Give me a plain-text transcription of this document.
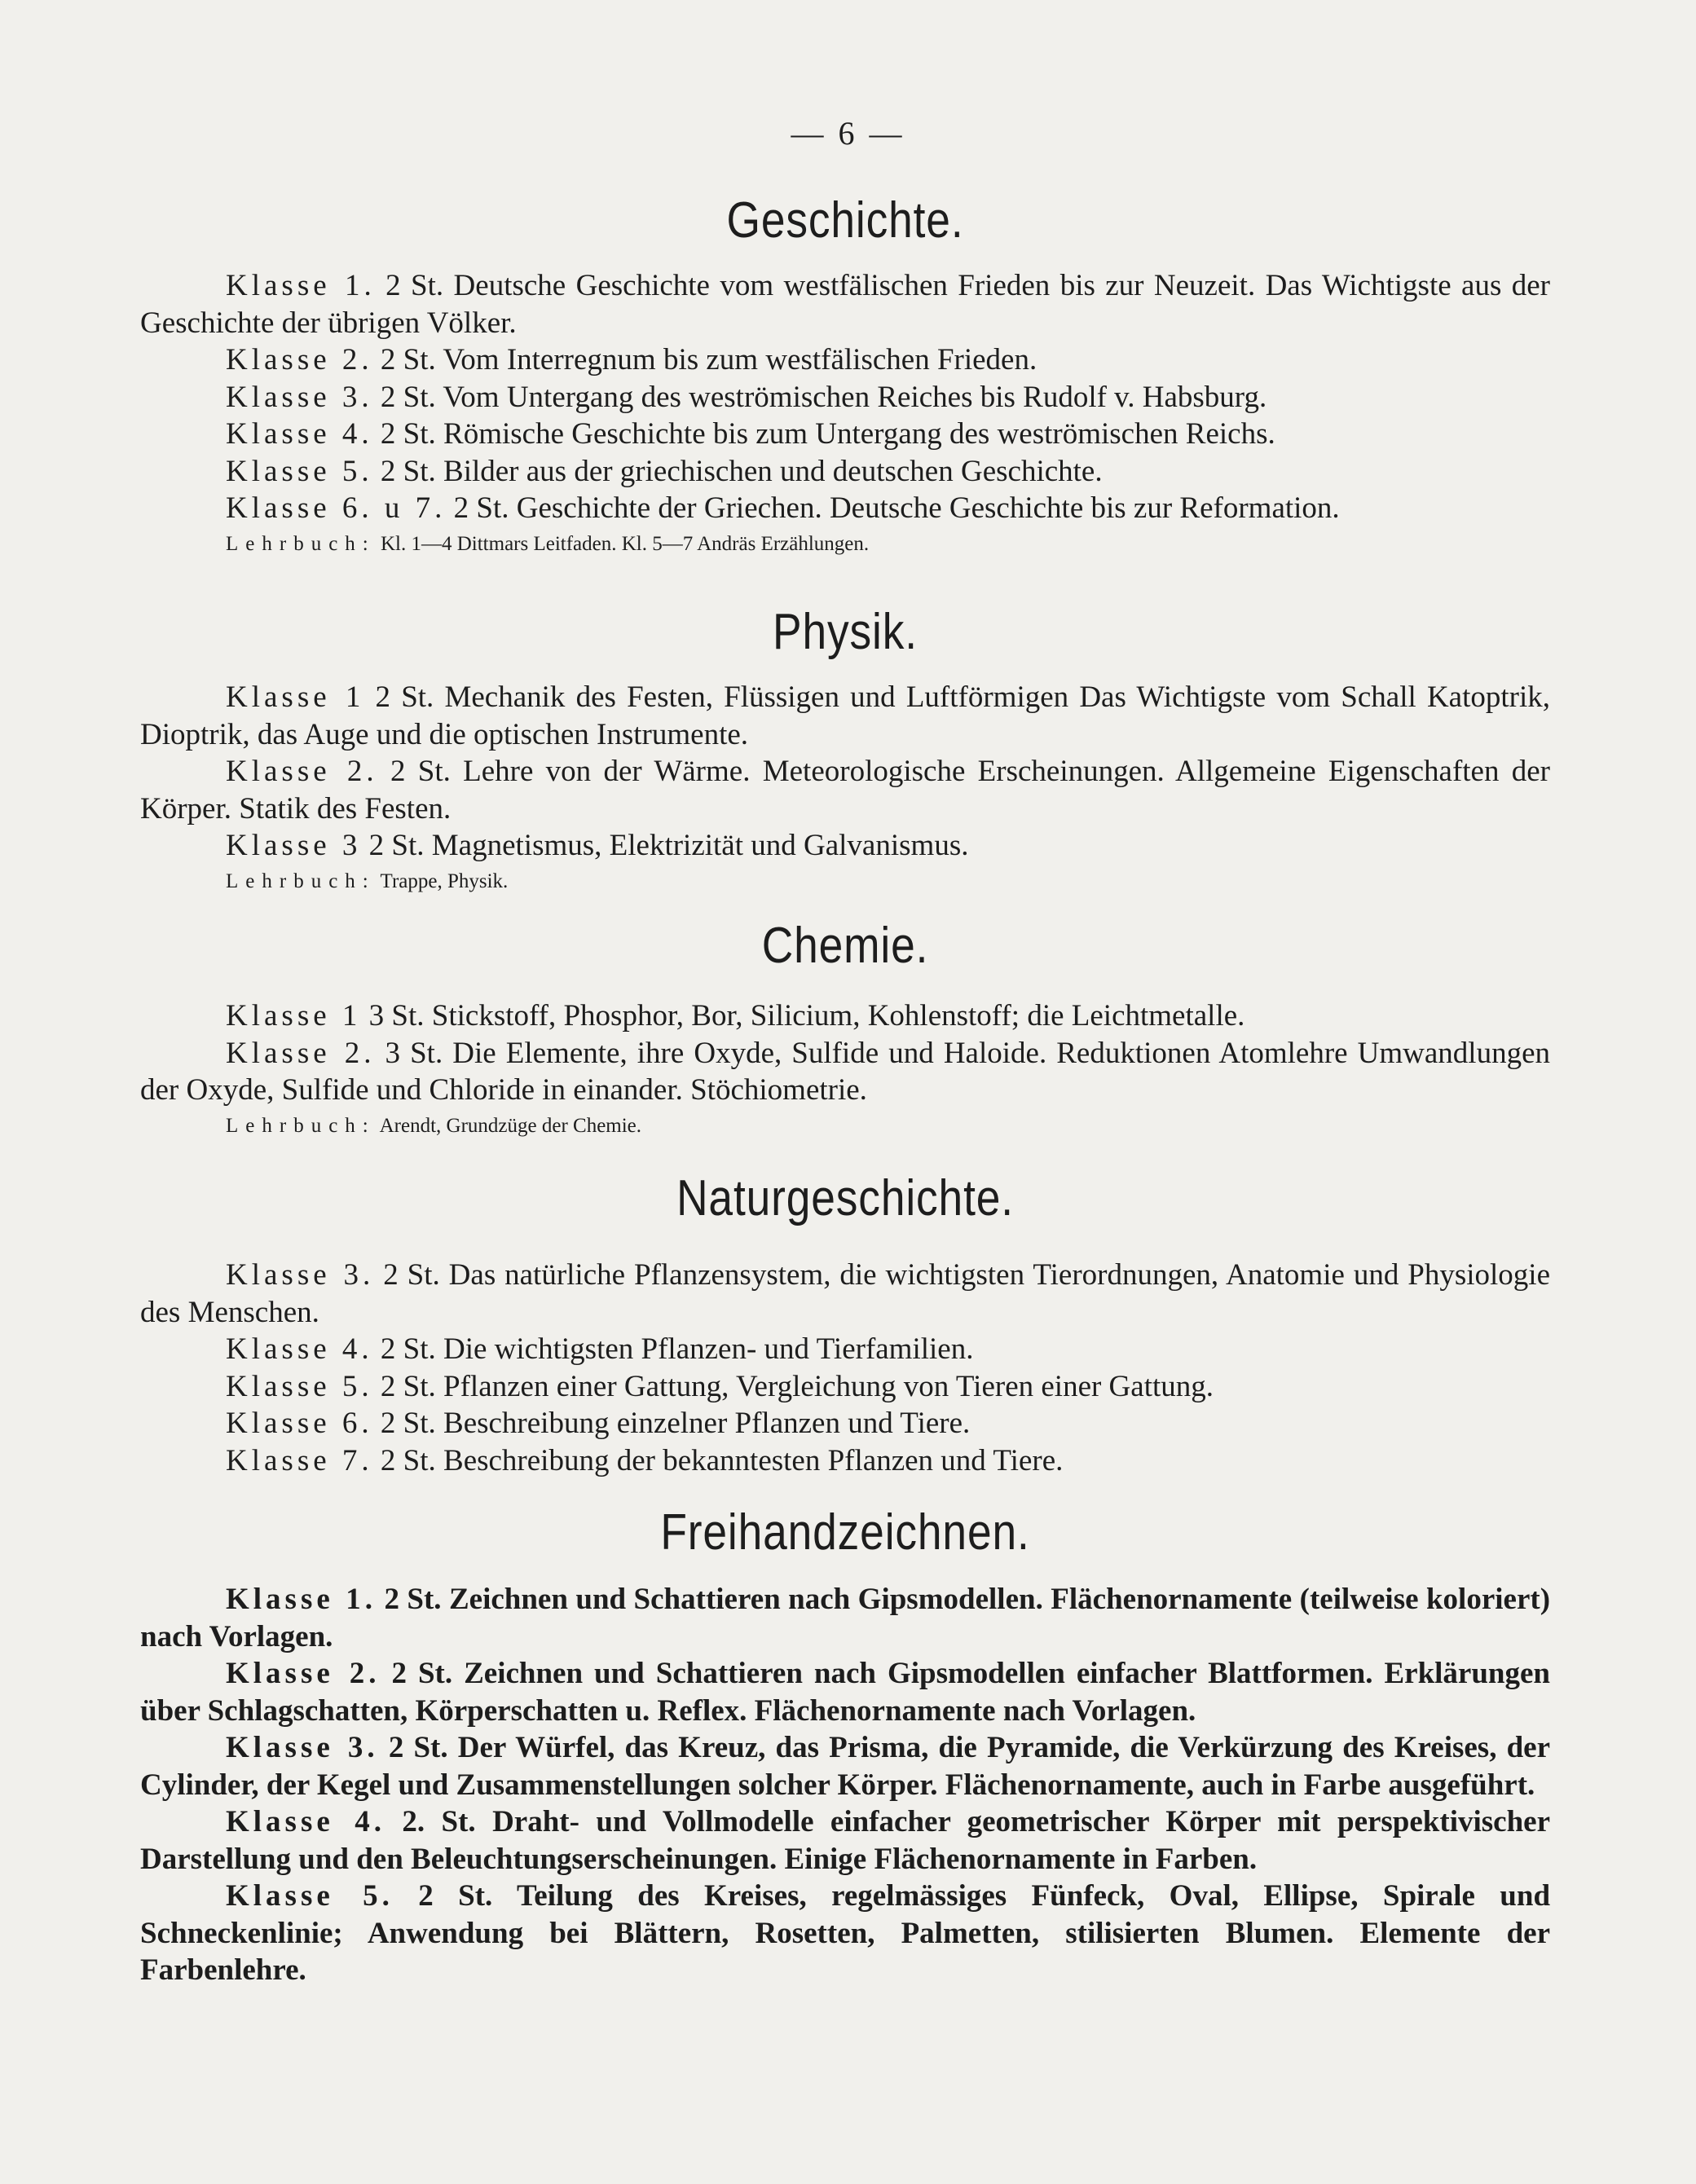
— 6 —
Geschichte.

Klasse 1. 2 St. Deutsche Geschichte vom westfälischen Frieden bis zur Neuzeit. Das Wichtigste aus der Geschichte der übrigen Völker.

Klasse 2. 2 St. Vom Interregnum bis zum westfälischen Frieden.

Klasse 3. 2 St. Vom Untergang des weströmischen Reiches bis Rudolf v. Habsburg.

Klasse 4. 2 St. Römische Geschichte bis zum Untergang des weströmischen Reichs.

Klasse 5. 2 St. Bilder aus der griechischen und deutschen Geschichte.

Klasse 6. u 7. 2 St. Geschichte der Griechen. Deutsche Geschichte bis zur Reformation.

Lehrbuch: Kl. 1—4 Dittmars Leitfaden. Kl. 5—7 Andräs Erzählungen.

Physik.

Klasse 1 2 St. Mechanik des Festen, Flüssigen und Luftförmigen Das Wichtigste vom Schall Katoptrik, Dioptrik, das Auge und die optischen Instrumente.

Klasse 2. 2 St. Lehre von der Wärme. Meteorologische Erscheinungen. Allgemeine Eigenschaften der Körper. Statik des Festen.

Klasse 3 2 St. Magnetismus, Elektrizität und Galvanismus.

Lehrbuch: Trappe, Physik.

Chemie.

Klasse 1 3 St. Stickstoff, Phosphor, Bor, Silicium, Kohlenstoff; die Leichtmetalle.

Klasse 2. 3 St. Die Elemente, ihre Oxyde, Sulfide und Haloide. Reduktionen Atomlehre Umwandlungen der Oxyde, Sulfide und Chloride in einander. Stöchiometrie.

Lehrbuch: Arendt, Grundzüge der Chemie.

Naturgeschichte.

Klasse 3. 2 St. Das natürliche Pflanzensystem, die wichtigsten Tierordnungen, Anatomie und Physiologie des Menschen.

Klasse 4. 2 St. Die wichtigsten Pflanzen- und Tierfamilien.

Klasse 5. 2 St. Pflanzen einer Gattung, Vergleichung von Tieren einer Gattung.

Klasse 6. 2 St. Beschreibung einzelner Pflanzen und Tiere.

Klasse 7. 2 St. Beschreibung der bekanntesten Pflanzen und Tiere.

Freihandzeichnen.

Klasse 1. 2 St. Zeichnen und Schattieren nach Gipsmodellen. Flächenornamente (teilweise koloriert) nach Vorlagen.

Klasse 2. 2 St. Zeichnen und Schattieren nach Gipsmodellen einfacher Blattformen. Erklärungen über Schlagschatten, Körperschatten u. Reflex. Flächenornamente nach Vorlagen.

Klasse 3. 2 St. Der Würfel, das Kreuz, das Prisma, die Pyramide, die Verkürzung des Kreises, der Cylinder, der Kegel und Zusammenstellungen solcher Körper. Flächenornamente, auch in Farbe ausgeführt.

Klasse 4. 2. St. Draht- und Vollmodelle einfacher geometrischer Körper mit perspektivischer Darstellung und den Beleuchtungserscheinungen. Einige Flächenornamente in Farben.

Klasse 5. 2 St. Teilung des Kreises, regelmässiges Fünfeck, Oval, Ellipse, Spirale und Schneckenlinie; Anwendung bei Blättern, Rosetten, Palmetten, stilisierten Blumen. Elemente der Farbenlehre.
